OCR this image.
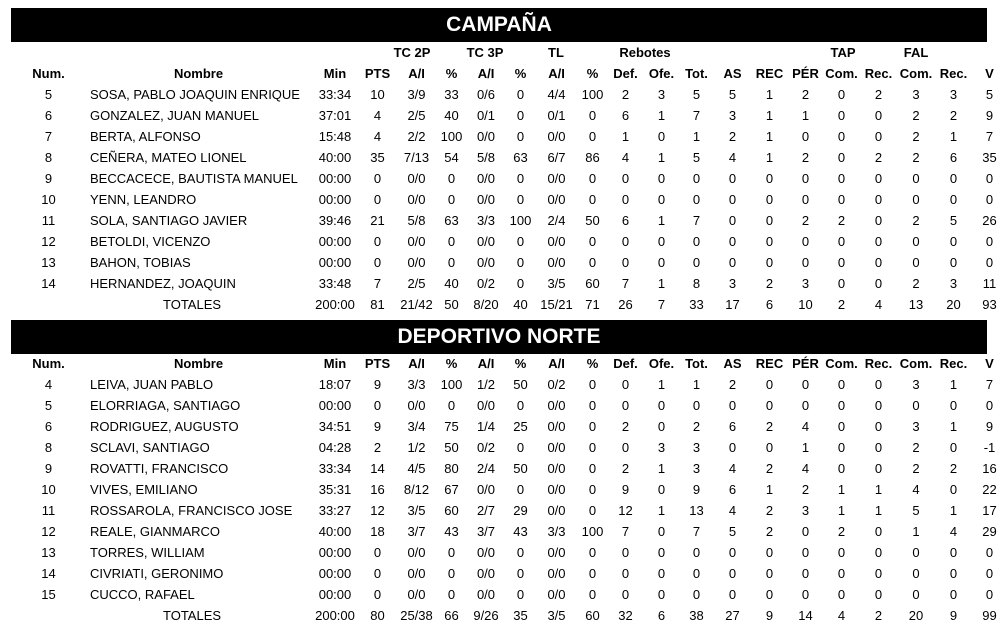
CAMPAÑA
TC 2P	TC 3P	TL	Rebotes	TAP	FAL
Num.	Nombre	Min	PTS	A/I	%	A/I	%	A/I	%	Def.	Ofe.	Tot.	AS	REC	PÉR	Com.	Rec.	Com.	Rec.	V
5	SOSA, PABLO JOAQUIN ENRIQUE	33:34	10	3/9	33	0/6	0	4/4	100	2	3	5	5	1	2	0	2	3	3	5
6	GONZALEZ, JUAN MANUEL	37:01	4	2/5	40	0/1	0	0/1	0	6	1	7	3	1	1	0	0	2	2	9
7	BERTA, ALFONSO	15:48	4	2/2	100	0/0	0	0/0	0	1	0	1	2	1	0	0	0	2	1	7
8	CEÑERA, MATEO LIONEL	40:00	35	7/13	54	5/8	63	6/7	86	4	1	5	4	1	2	0	2	2	6	35
9	BECCACECE, BAUTISTA MANUEL	00:00	0	0/0	0	0/0	0	0/0	0	0	0	0	0	0	0	0	0	0	0	0
10	YENN, LEANDRO	00:00	0	0/0	0	0/0	0	0/0	0	0	0	0	0	0	0	0	0	0	0	0
11	SOLA, SANTIAGO JAVIER	39:46	21	5/8	63	3/3	100	2/4	50	6	1	7	0	0	2	2	0	2	5	26
12	BETOLDI, VICENZO	00:00	0	0/0	0	0/0	0	0/0	0	0	0	0	0	0	0	0	0	0	0	0
13	BAHON, TOBIAS	00:00	0	0/0	0	0/0	0	0/0	0	0	0	0	0	0	0	0	0	0	0	0
14	HERNANDEZ, JOAQUIN	33:48	7	2/5	40	0/2	0	3/5	60	7	1	8	3	2	3	0	0	2	3	11
	TOTALES	200:00	81	21/42	50	8/20	40	15/21	71	26	7	33	17	6	10	2	4	13	20	93
DEPORTIVO NORTE
Num.	Nombre	Min	PTS	A/I	%	A/I	%	A/I	%	Def.	Ofe.	Tot.	AS	REC	PÉR	Com.	Rec.	Com.	Rec.	V
4	LEIVA, JUAN PABLO	18:07	9	3/3	100	1/2	50	0/2	0	0	1	1	2	0	0	0	0	3	1	7
5	ELORRIAGA, SANTIAGO	00:00	0	0/0	0	0/0	0	0/0	0	0	0	0	0	0	0	0	0	0	0	0
6	RODRIGUEZ, AUGUSTO	34:51	9	3/4	75	1/4	25	0/0	0	2	0	2	6	2	4	0	0	3	1	9
8	SCLAVI, SANTIAGO	04:28	2	1/2	50	0/2	0	0/0	0	0	3	3	0	0	1	0	0	2	0	-1
9	ROVATTI, FRANCISCO	33:34	14	4/5	80	2/4	50	0/0	0	2	1	3	4	2	4	0	0	2	2	16
10	VIVES, EMILIANO	35:31	16	8/12	67	0/0	0	0/0	0	9	0	9	6	1	2	1	1	4	0	22
11	ROSSAROLA, FRANCISCO JOSE	33:27	12	3/5	60	2/7	29	0/0	0	12	1	13	4	2	3	1	1	5	1	17
12	REALE, GIANMARCO	40:00	18	3/7	43	3/7	43	3/3	100	7	0	7	5	2	0	2	0	1	4	29
13	TORRES, WILLIAM	00:00	0	0/0	0	0/0	0	0/0	0	0	0	0	0	0	0	0	0	0	0	0
14	CIVRIATI, GERONIMO	00:00	0	0/0	0	0/0	0	0/0	0	0	0	0	0	0	0	0	0	0	0	0
15	CUCCO, RAFAEL	00:00	0	0/0	0	0/0	0	0/0	0	0	0	0	0	0	0	0	0	0	0	0
	TOTALES	200:00	80	25/38	66	9/26	35	3/5	60	32	6	38	27	9	14	4	2	20	9	99
